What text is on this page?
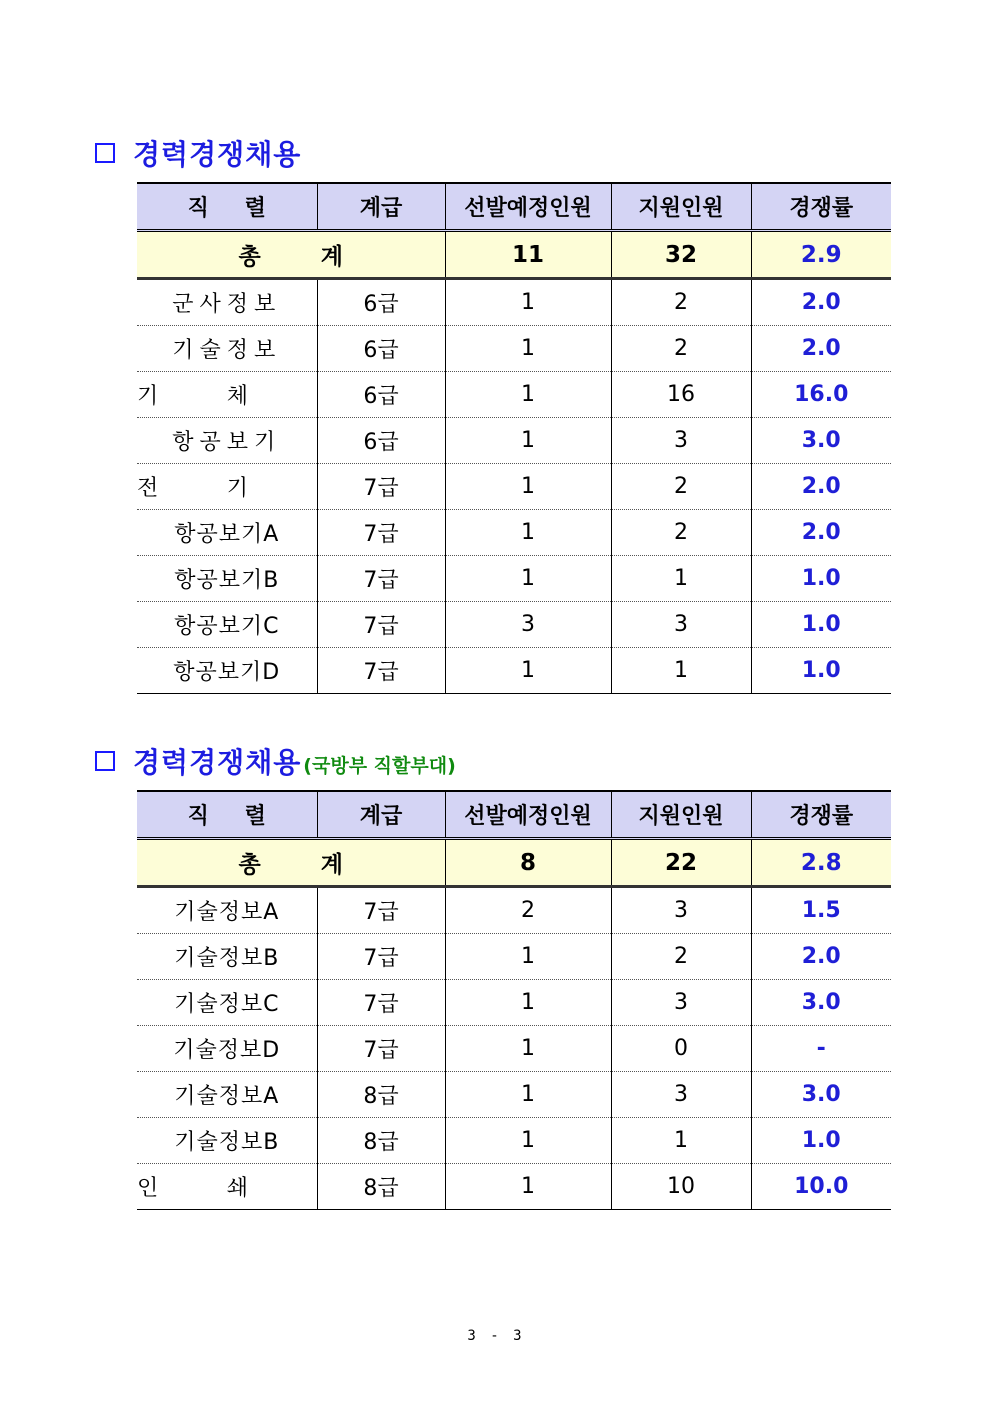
경력경쟁채용
직 렬	계급	선발예정인원	지원인원	경쟁률
총계		11	32	2.9
군사정보	6급	1	2	2.0
기술정보	6급	1	2	2.0

기 체	6급	1	16	16.0
항공보기	6급	1	3	3.0

전 기	7급	1	2	2.0
항공보기A	7급	1	2	2.0
항공보기B	7급	1	1	1.0
항공보기C	7급	3	3	1.0
항공보기D	7급	1	1	1.0
경력경쟁채용 (국방부 직할부대)
직 렬	계급	선발예정인원	지원인원	경쟁률
총계		8	22	2.8
기술정보A	7급	2	3	1.5
기술정보B	7급	1	2	2.0
기술정보C	7급	1	3	3.0
기술정보D	7급	1	0	-
기술정보A	8급	1	3	3.0
기술정보B	8급	1	1	1.0

인 쇄	8급	1	10	10.0
3 - 3
